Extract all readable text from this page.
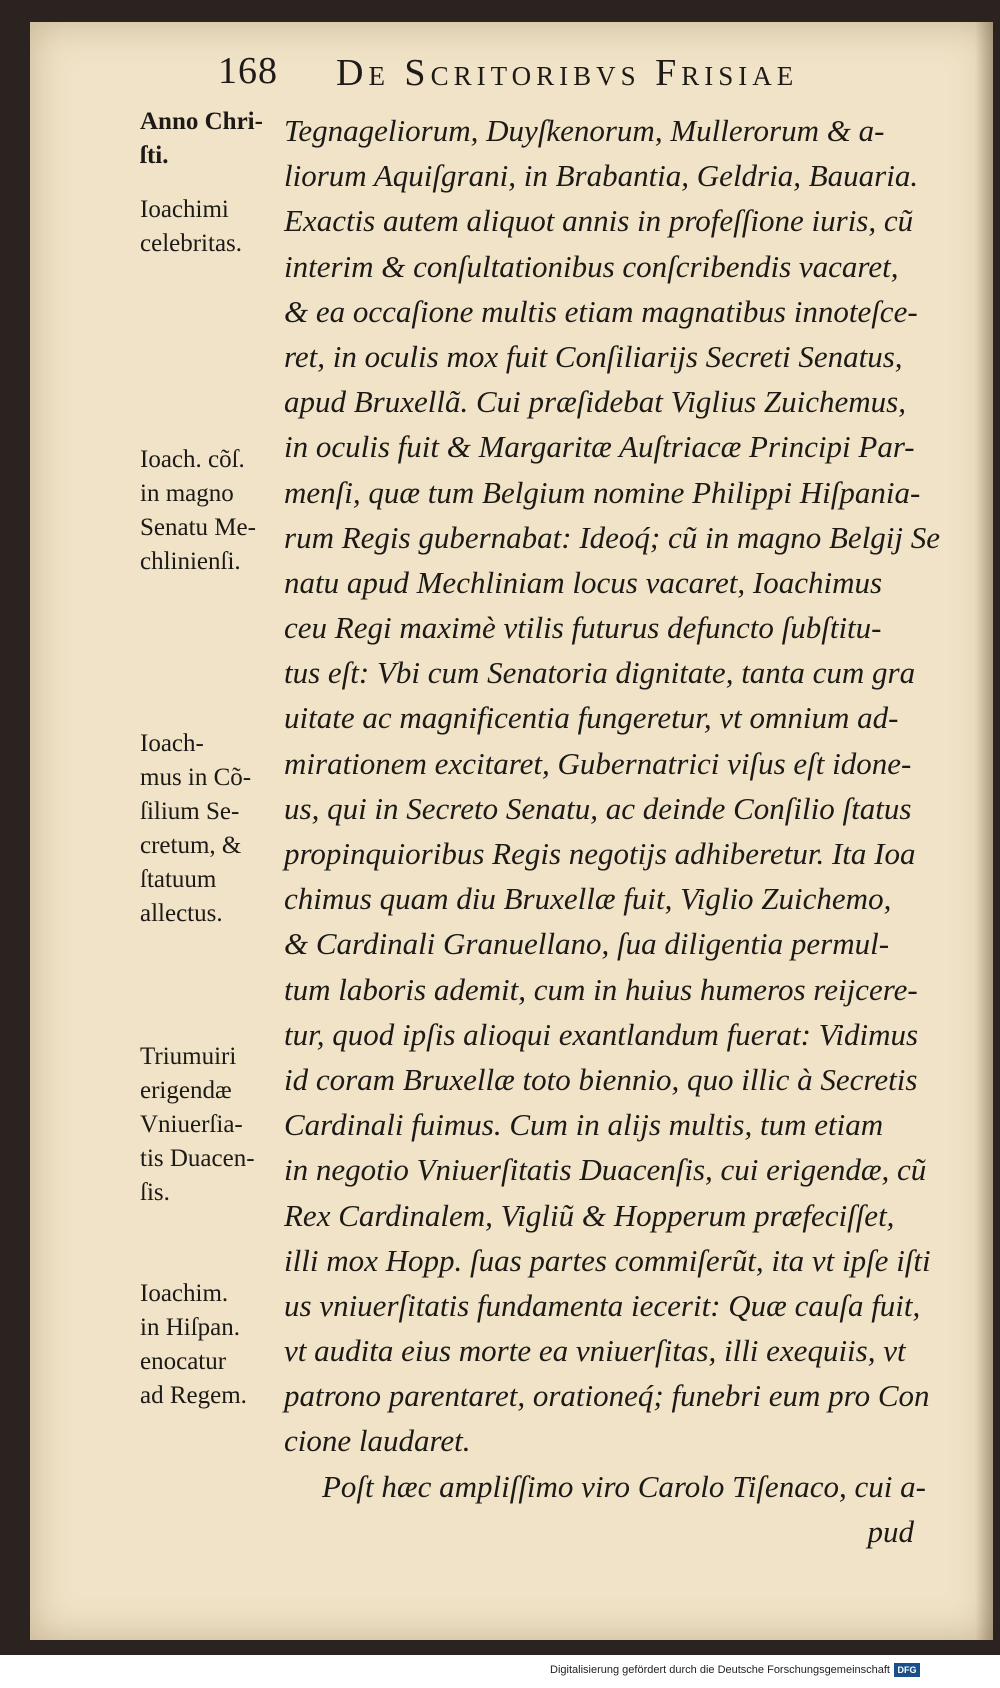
168 De Scritoribvs Frisiae
Anno Chri-
ſti.
Ioachimi
celebritas.
Ioach. cõſ.
in magno
Senatu Me-
chlinienſi.
Ioach-
mus in Cõ-
ſilium Se-
cretum, &
ſtatuum
allectus.
Triumuiri
erigendæ
Vniuerſia-
tis Duacen-
ſis.
Ioachim.
in Hiſpan.
enocatur
ad Regem.
Tegnageliorum, Duyſkenorum, Mullerorum & a-
liorum Aquiſgrani, in Brabantia, Geldria, Bauaria.
Exactis autem aliquot annis in profeſſione iuris, cũ
interim & conſultationibus conſcribendis vacaret,
& ea occaſione multis etiam magnatibus innoteſce-
ret, in oculis mox fuit Conſiliarijs Secreti Senatus,
apud Bruxellã. Cui præſidebat Viglius Zuichemus,
in oculis fuit & Margaritæ Auſtriacæ Principi Par-
menſi, quæ tum Belgium nomine Philippi Hiſpania-
rum Regis gubernabat: Ideoq́; cũ in magno Belgij Se
natu apud Mechliniam locus vacaret, Ioachimus
ceu Regi maximè vtilis futurus defuncto ſubſtitu-
tus eſt: Vbi cum Senatoria dignitate, tanta cum gra
uitate ac magnificentia fungeretur, vt omnium ad-
mirationem excitaret, Gubernatrici viſus eſt idone-
us, qui in Secreto Senatu, ac deinde Conſilio ſtatus
propinquioribus Regis negotijs adhiberetur. Ita Ioa
chimus quam diu Bruxellæ fuit, Viglio Zuichemo,
& Cardinali Granuellano, ſua diligentia permul-
tum laboris ademit, cum in huius humeros reijcere-
tur, quod ipſis alioqui exantlandum fuerat: Vidimus
id coram Bruxellæ toto biennio, quo illic à Secretis
Cardinali fuimus. Cum in alijs multis, tum etiam
in negotio Vniuerſitatis Duacenſis, cui erigendæ, cũ
Rex Cardinalem, Vigliũ & Hopperum præfeciſſet,
illi mox Hopp. ſuas partes commiſerũt, ita vt ipſe iſti
us vniuerſitatis fundamenta iecerit: Quæ cauſa fuit,
vt audita eius morte ea vniuerſitas, illi exequiis, vt
patrono parentaret, orationeq́; funebri eum pro Con
cione laudaret.
Poſt hæc ampliſſimo viro Carolo Tiſenaco, cui a-
pud
Digitalisierung gefördert durch die Deutsche Forschungsgemeinschaft DFG
